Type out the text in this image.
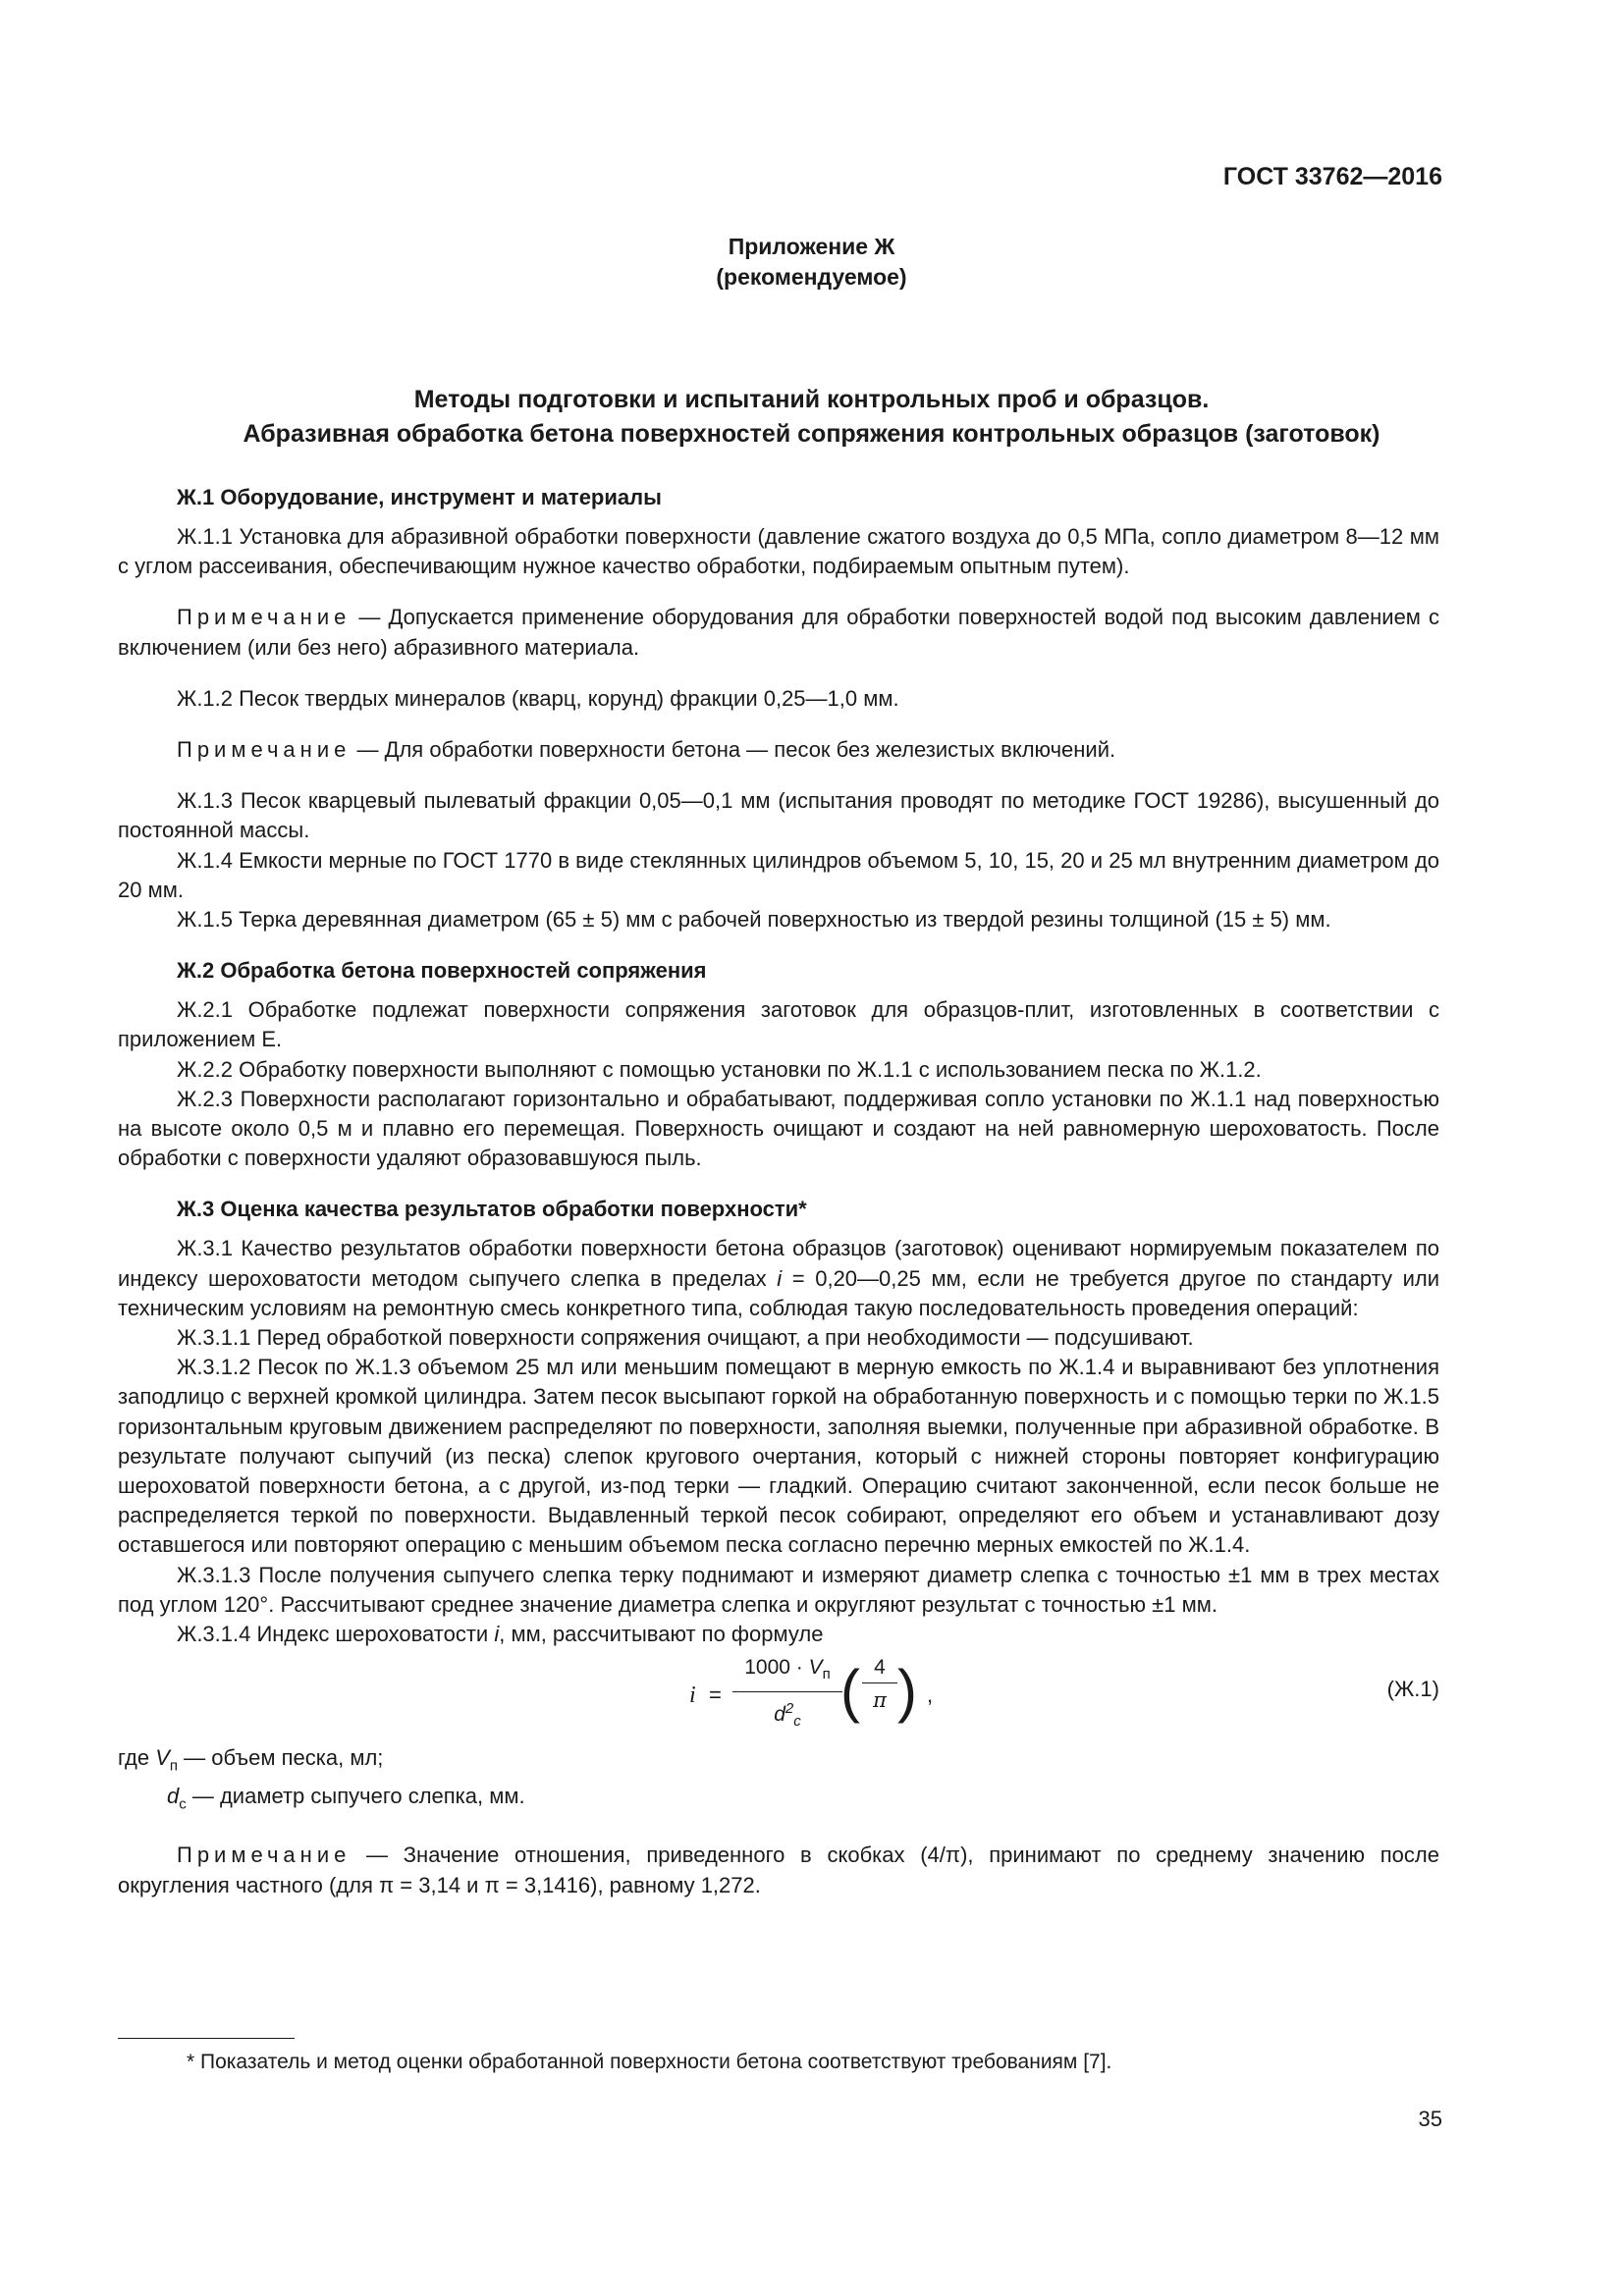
ГОСТ 33762—2016
Приложение Ж
(рекомендуемое)
Методы подготовки и испытаний контрольных проб и образцов.
Абразивная обработка бетона поверхностей сопряжения контрольных образцов (заготовок)
Ж.1 Оборудование, инструмент и материалы

Ж.1.1 Установка для абразивной обработки поверхности (давление сжатого воздуха до 0,5 МПа, сопло диаметром 8—12 мм с углом рассеивания, обеспечивающим нужное качество обработки, подбираемым опытным путем).

Примечание — Допускается применение оборудования для обработки поверхностей водой под высоким давлением с включением (или без него) абразивного материала.

Ж.1.2 Песок твердых минералов (кварц, корунд) фракции 0,25—1,0 мм.

Примечание — Для обработки поверхности бетона — песок без железистых включений.

Ж.1.3 Песок кварцевый пылеватый фракции 0,05—0,1 мм (испытания проводят по методике ГОСТ 19286), высушенный до постоянной массы.

Ж.1.4 Емкости мерные по ГОСТ 1770 в виде стеклянных цилиндров объемом 5, 10, 15, 20 и 25 мл внутренним диаметром до 20 мм.

Ж.1.5 Терка деревянная диаметром (65 ± 5) мм с рабочей поверхностью из твердой резины толщиной (15 ± 5) мм.

Ж.2 Обработка бетона поверхностей сопряжения

Ж.2.1 Обработке подлежат поверхности сопряжения заготовок для образцов-плит, изготовленных в соответствии с приложением Е.

Ж.2.2 Обработку поверхности выполняют с помощью установки по Ж.1.1 с использованием песка по Ж.1.2.

Ж.2.3 Поверхности располагают горизонтально и обрабатывают, поддерживая сопло установки по Ж.1.1 над поверхностью на высоте около 0,5 м и плавно его перемещая. Поверхность очищают и создают на ней равномерную шероховатость. После обработки с поверхности удаляют образовавшуюся пыль.

Ж.3 Оценка качества результатов обработки поверхности*

Ж.3.1 Качество результатов обработки поверхности бетона образцов (заготовок) оценивают нормируемым показателем по индексу шероховатости методом сыпучего слепка в пределах i = 0,20—0,25 мм, если не требуется другое по стандарту или техническим условиям на ремонтную смесь конкретного типа, соблюдая такую последовательность проведения операций:

Ж.3.1.1 Перед обработкой поверхности сопряжения очищают, а при необходимости — подсушивают.

Ж.3.1.2 Песок по Ж.1.3 объемом 25 мл или меньшим помещают в мерную емкость по Ж.1.4 и выравнивают без уплотнения заподлицо с верхней кромкой цилиндра. Затем песок высыпают горкой на обработанную поверхность и с помощью терки по Ж.1.5 горизонтальным круговым движением распределяют по поверхности, заполняя выемки, полученные при абразивной обработке. В результате получают сыпучий (из песка) слепок кругового очертания, который с нижней стороны повторяет конфигурацию шероховатой поверхности бетона, а с другой, из-под терки — гладкий. Операцию считают законченной, если песок больше не распределяется теркой по поверхности. Выдавленный теркой песок собирают, определяют его объем и устанавливают дозу оставшегося или повторяют операцию с меньшим объемом песка согласно перечню мерных емкостей по Ж.1.4.

Ж.3.1.3 После получения сыпучего слепка терку поднимают и измеряют диаметр слепка с точностью ±1 мм в трех местах под углом 120°. Рассчитывают среднее значение диаметра слепка и округляют результат с точностью ±1 мм.

Ж.3.1.4 Индекс шероховатости i, мм, рассчитывают по формуле

i =
$1000 \cdot V_п$
$d^2_с$ ( $\frac{4}{\pi}$ ) ,	(Ж.1)
где $V_п$ — объем песка, мл;
$d_с$ — диаметр сыпучего слепка, мм.

Примечание — Значение отношения, приведенного в скобках (4/π), принимают по среднему значению после округления частного (для π = 3,14 и π = 3,1416), равному 1,272.

* Показатель и метод оценки обработанной поверхности бетона соответствуют требованиям [7].
35
